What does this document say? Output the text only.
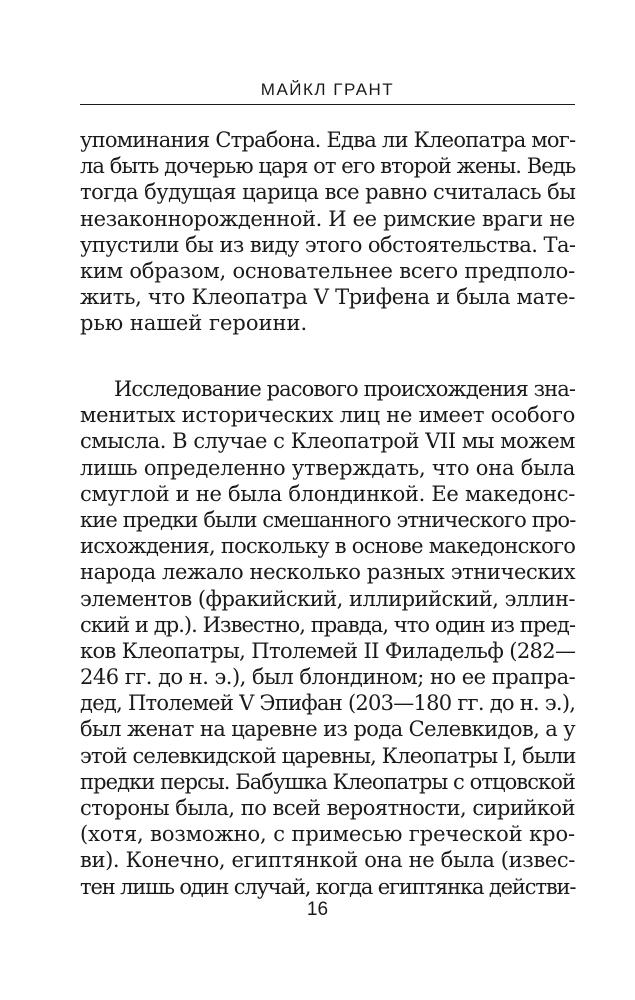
МАЙКЛ ГРАНТ
упоминания Страбона. Едва ли Клеопатра мог-
ла быть дочерью царя от его второй жены. Ведь
тогда будущая царица все равно считалась бы
незаконнорожденной. И ее римские враги не
упустили бы из виду этого обстоятельства. Та-
ким образом, основательнее всего предполо-
жить, что Клеопатра V Трифена и была мате-
рью нашей героини.
Исследование расового происхождения зна-
менитых исторических лиц не имеет особого
смысла. В случае с Клеопатрой VII мы можем
лишь определенно утверждать, что она была
смуглой и не была блондинкой. Ее македонс-
кие предки были смешанного этнического про-
исхождения, поскольку в основе македонского
народа лежало несколько разных этнических
элементов (фракийский, иллирийский, эллин-
ский и др.). Известно, правда, что один из пред-
ков Клеопатры, Птолемей II Филадельф (282—
246 гг. до н. э.), был блондином; но ее прапра-
дед, Птолемей V Эпифан (203—180 гг. до н. э.),
был женат на царевне из рода Селевкидов, а у
этой селевкидской царевны, Клеопатры I, были
предки персы. Бабушка Клеопатры с отцовской
стороны была, по всей вероятности, сирийкой
(хотя, возможно, с примесью греческой кро-
ви). Конечно, египтянкой она не была (извес-
тен лишь один случай, когда египтянка действи-
16
